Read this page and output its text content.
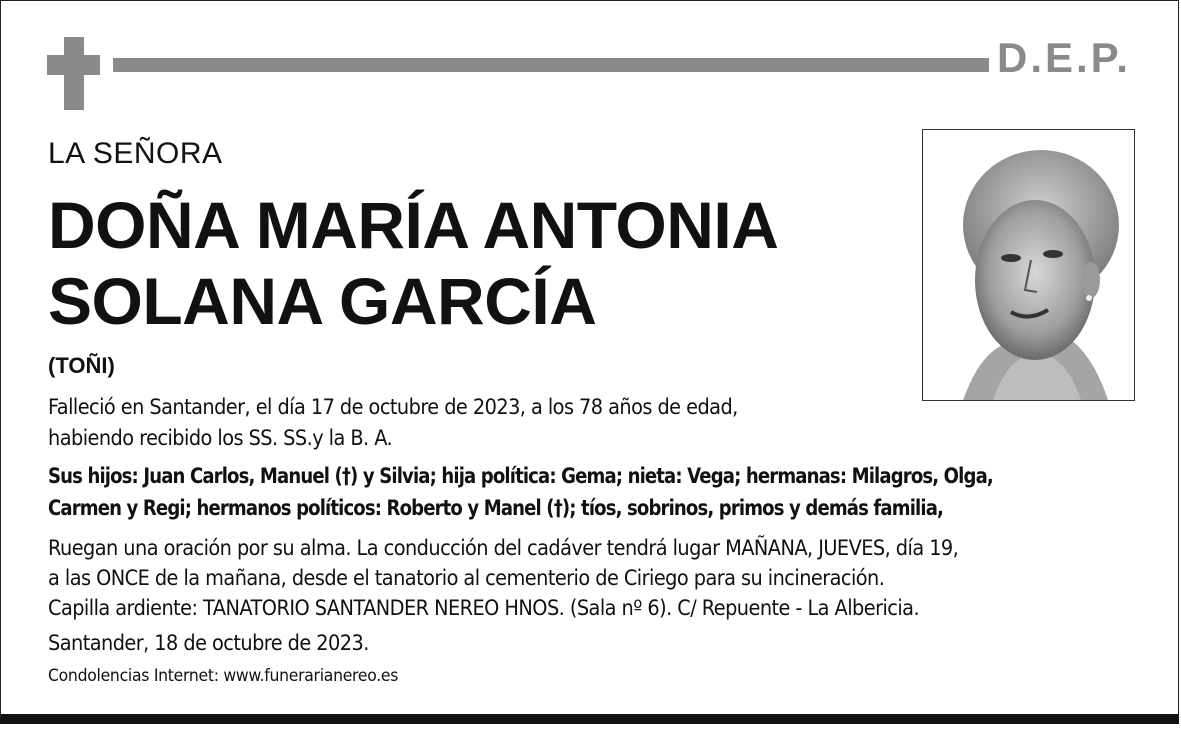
D.E.P.
LA SEÑORA
DOÑA MARÍA ANTONIA
SOLANA GARCÍA
(TOÑI)
Falleció en Santander, el día 17 de octubre de 2023, a los 78 años de edad,
habiendo recibido los SS. SS.y la B. A.
Sus hijos: Juan Carlos, Manuel (†) y Silvia; hija política: Gema; nieta: Vega; hermanas: Milagros, Olga,
Carmen y Regi; hermanos políticos: Roberto y Manel (†); tíos, sobrinos, primos y demás familia,
Ruegan una oración por su alma. La conducción del cadáver tendrá lugar MAÑANA, JUEVES, día 19,
a las ONCE de la mañana, desde el tanatorio al cementerio de Ciriego para su incineración.
Capilla ardiente: TANATORIO SANTANDER NEREO HNOS. (Sala nº 6). C/ Repuente - La Albericia.
Santander, 18 de octubre de 2023.
Condolencias Internet: www.funerarianereo.es
